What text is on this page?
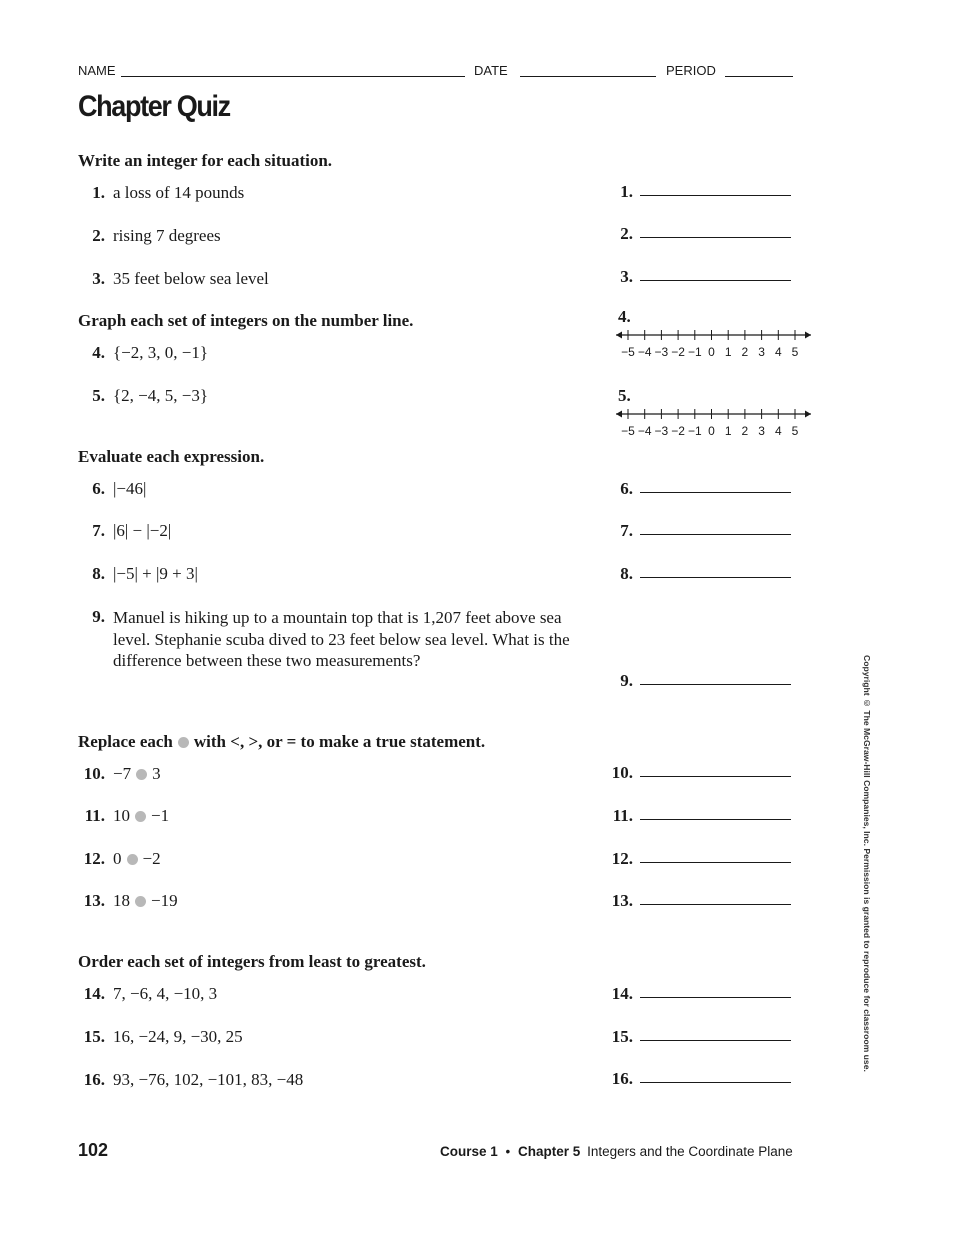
NAME	DATE	PERIOD
Chapter Quiz
Write an integer for each situation.
1. a loss of 14 pounds	1.
2. rising 7 degrees	2.
3. 35 feet below sea level	3.
Graph each set of integers on the number line.
4. {−2, 3, 0, −1}
4.
−5 −4 −3 −2 −1 0 1 2 3 4 5
5. {2, −4, 5, −3}	5.
−5 −4 −3 −2 −1 0 1 2 3 4 5
Evaluate each expression.
6. |−46|	6.
7. |6| − |−2|	7.
8. |−5| + |9 + 3|	8.
9. Manuel is hiking up to a mountain top that is 1,207 feet above sea level. Stephanie scuba dived to 23 feet below sea level. What is the difference between these two measurements?
9.
Replace each with <, >, or = to make a true statement.
10. −7 3	10.
11. 10 −1	11.
12. 0 −2	12.
13. 18 −19	13.
Order each set of integers from least to greatest.
14. 7, −6, 4, −10, 3	14.
15. 16, −24, 9, −30, 25	15.
16. 93, −76, 102, −101, 83, −48	16.
Copyright © The McGraw-Hill Companies, Inc. Permission is granted to reproduce for classroom use.
102	Course 1 • Chapter 5 Integers and the Coordinate Plane
